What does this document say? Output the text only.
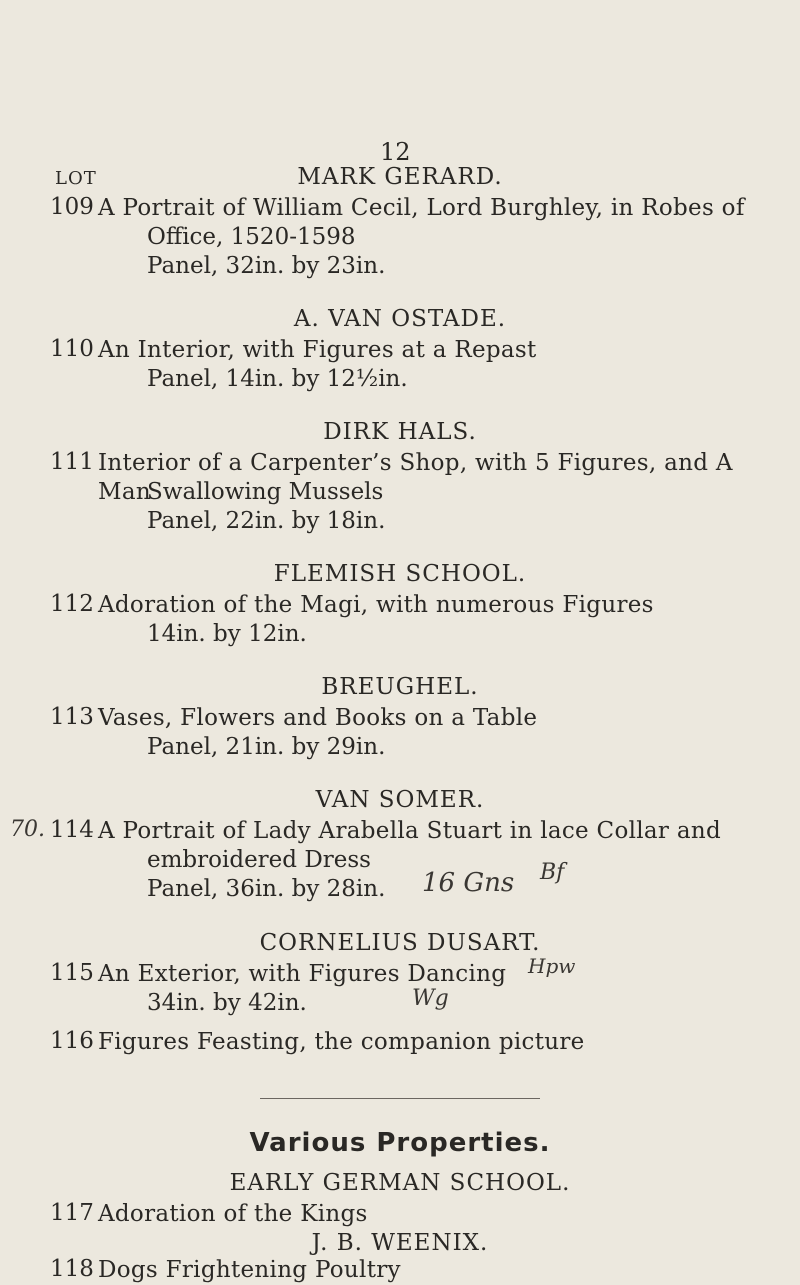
12
LOT	MARK GERARD.
109 A Portrait of William Cecil, Lord Burghley, in Robes of
Office, 1520-1598
Panel, 32in. by 23in.
A. VAN OSTADE.
110 An Interior, with Figures at a Repast
Panel, 14in. by 12½in.
DIRK HALS.
111 Interior of a Carpenter’s Shop, with 5 Figures, and A Man
Swallowing Mussels
Panel, 22in. by 18in.
FLEMISH SCHOOL.
112 Adoration of the Magi, with numerous Figures
14in. by 12in.
BREUGHEL.
113 Vases, Flowers and Books on a Table
Panel, 21in. by 29in.
VAN SOMER.
70. 114 A Portrait of Lady Arabella Stuart in lace Collar and
embroidered Dress
Panel, 36in. by 28in. 16 Gns Bf
CORNELIUS DUSART.
115 An Exterior, with Figures Dancing
34in. by 42in.	Wg
Hpw
116 Figures Feasting, the companion picture
Various Properties.
EARLY GERMAN SCHOOL.
117 Adoration of the Kings
J. B. WEENIX.
118 Dogs Frightening Poultry
